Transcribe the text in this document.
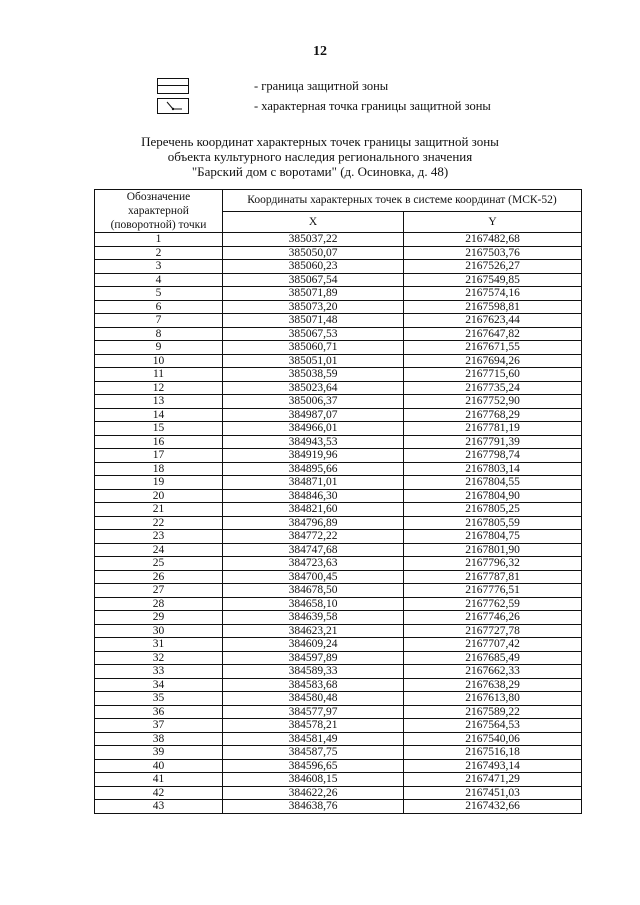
12
- граница защитной зоны
- характерная точка границы защитной зоны
Перечень координат характерных точек границы защитной зоны
объекта культурного наследия регионального значения
"Барский дом с воротами" (д. Осиновка, д. 48)
Обозначение характерной (поворотной) точки	Координаты характерных точек в системе координат (МСК-52)	
	X	Y
1	385037,22	2167482,68
2	385050,07	2167503,76
3	385060,23	2167526,27
4	385067,54	2167549,85
5	385071,89	2167574,16
6	385073,20	2167598,81
7	385071,48	2167623,44
8	385067,53	2167647,82
9	385060,71	2167671,55
10	385051,01	2167694,26
11	385038,59	2167715,60
12	385023,64	2167735,24
13	385006,37	2167752,90
14	384987,07	2167768,29
15	384966,01	2167781,19
16	384943,53	2167791,39
17	384919,96	2167798,74
18	384895,66	2167803,14
19	384871,01	2167804,55
20	384846,30	2167804,90
21	384821,60	2167805,25
22	384796,89	2167805,59
23	384772,22	2167804,75
24	384747,68	2167801,90
25	384723,63	2167796,32
26	384700,45	2167787,81
27	384678,50	2167776,51
28	384658,10	2167762,59
29	384639,58	2167746,26
30	384623,21	2167727,78
31	384609,24	2167707,42
32	384597,89	2167685,49
33	384589,33	2167662,33
34	384583,68	2167638,29
35	384580,48	2167613,80
36	384577,97	2167589,22
37	384578,21	2167564,53
38	384581,49	2167540,06
39	384587,75	2167516,18
40	384596,65	2167493,14
41	384608,15	2167471,29
42	384622,26	2167451,03
43	384638,76	2167432,66
